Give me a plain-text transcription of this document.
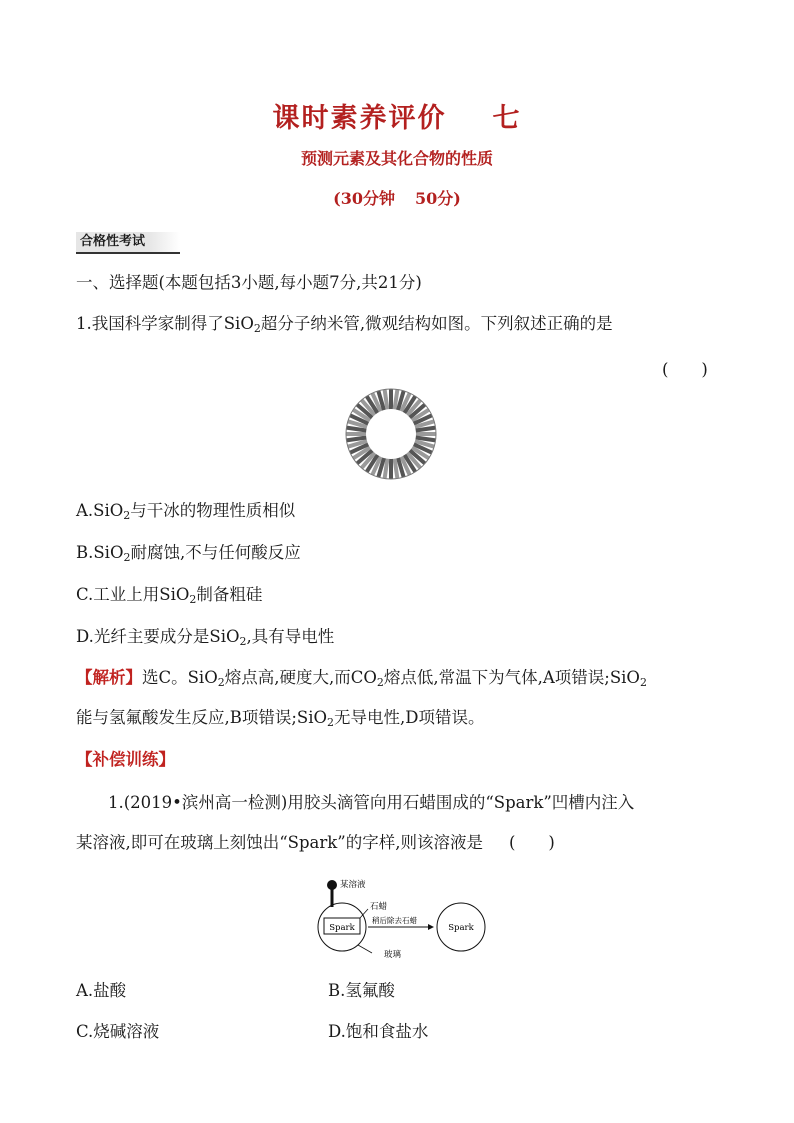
课时素养评价 七
预测元素及其化合物的性质
(30分钟 50分)
合格性考试
一、选择题(本题包括3小题,每小题7分,共21分)
1.我国科学家制得了SiO$_2$超分子纳米管,微观结构如图。下列叙述正确的是
(　　)
A.SiO$_2$与干冰的物理性质相似
B.SiO$_2$耐腐蚀,不与任何酸反应
C.工业上用SiO$_2$制备粗硅
D.光纤主要成分是SiO$_2$,具有导电性
【解析】选C。SiO$_2$熔点高,硬度大,而$CO_2$熔点低,常温下为气体,A项错误;SiO$_2$
能与氢氟酸发生反应,B项错误;SiO$_2$无导电性,D项错误。
【补偿训练】
1.(2019•滨州高一检测)用胶头滴管向用石蜡围成的“Spark”凹槽内注入
某溶液,即可在玻璃上刻蚀出“Spark”的字样,则该溶液是 (　　)
Spark
某溶液
石蜡
稍后除去石蜡
玻璃
Spark
A.盐酸	B.氢氟酸
C.烧碱溶液	D.饱和食盐水
